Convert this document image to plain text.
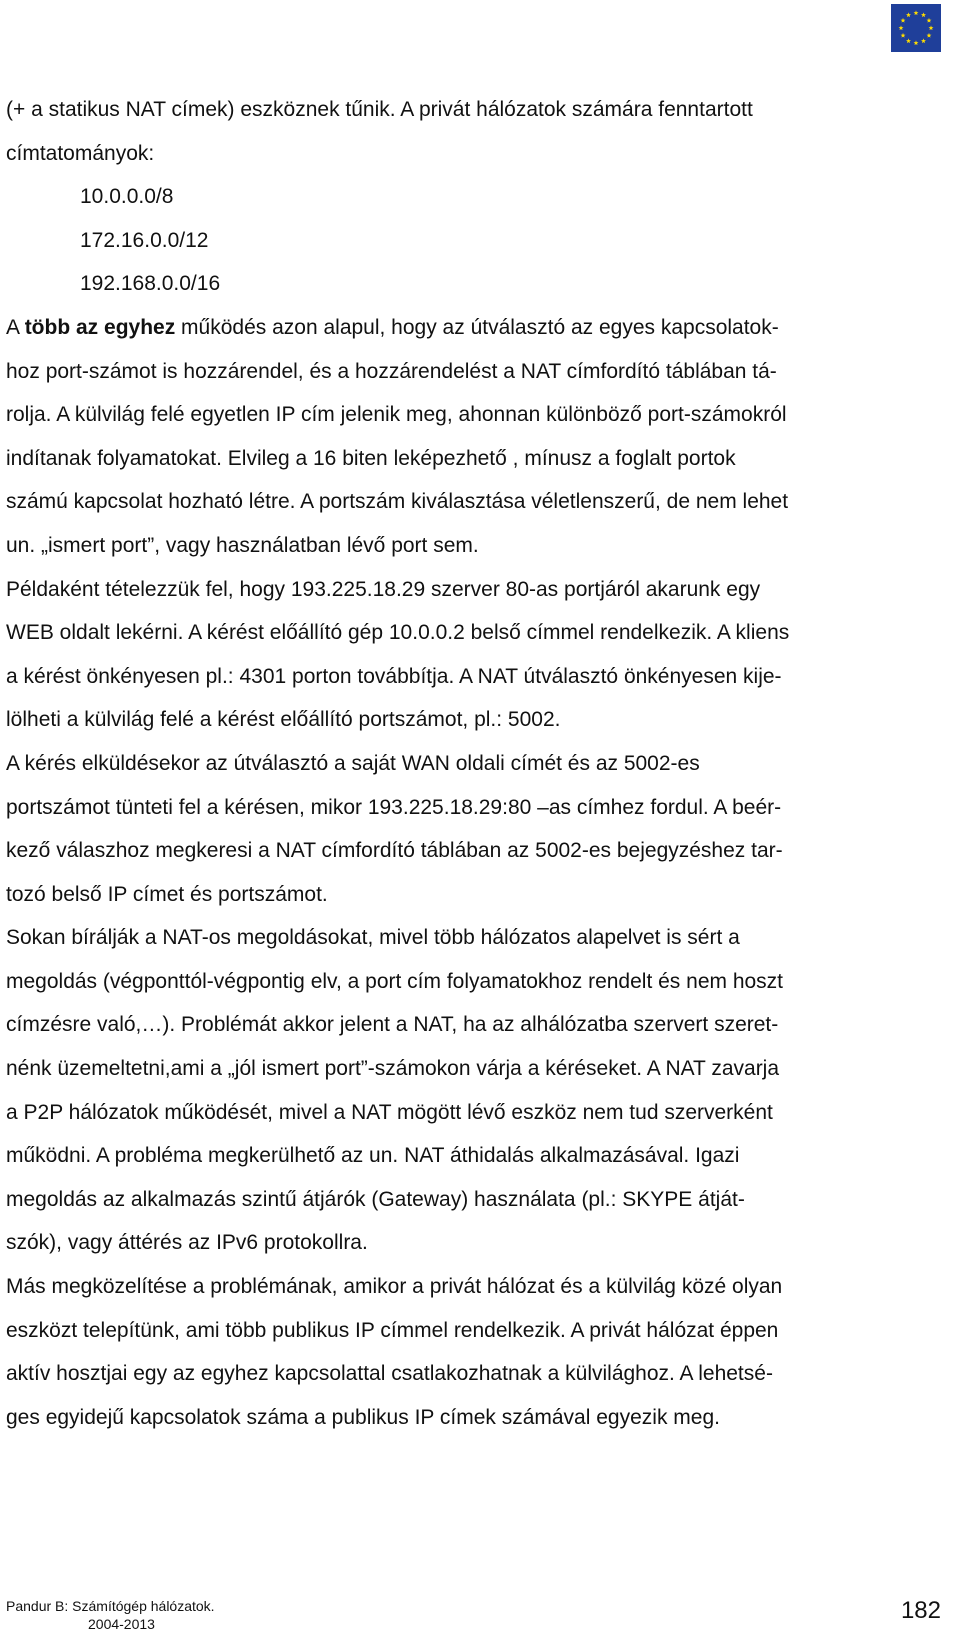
(+ a statikus NAT címek) eszköznek tűnik. A privát hálózatok számára fenntartott
címtatományok:
10.0.0.0/8
172.16.0.0/12
192.168.0.0/16
A több az egyhez működés azon alapul, hogy az útválasztó az egyes kapcsolatok-
hoz port-számot is hozzárendel, és a hozzárendelést a NAT címfordító táblában tá-
rolja. A külvilág felé egyetlen IP cím jelenik meg, ahonnan különböző port-számokról
indítanak folyamatokat. Elvileg a 16 biten leképezhető , mínusz a foglalt portok
számú kapcsolat hozható létre. A portszám kiválasztása véletlenszerű, de nem lehet
un. „ismert port”, vagy használatban lévő port sem.
Példaként tételezzük fel, hogy 193.225.18.29 szerver 80-as portjáról akarunk egy
WEB oldalt lekérni. A kérést előállító gép 10.0.0.2 belső címmel rendelkezik. A kliens
a kérést önkényesen pl.: 4301 porton továbbítja. A NAT útválasztó önkényesen kije-
lölheti a külvilág felé a kérést előállító portszámot, pl.: 5002.
A kérés elküldésekor az útválasztó a saját WAN oldali címét és az 5002-es
portszámot tünteti fel a kérésen, mikor 193.225.18.29:80 –as címhez fordul. A beér-
kező válaszhoz megkeresi a NAT címfordító táblában az 5002-es bejegyzéshez tar-
tozó belső IP címet és portszámot.
Sokan bírálják a NAT-os megoldásokat, mivel több hálózatos alapelvet is sért a
megoldás (végponttól-végpontig elv, a port cím folyamatokhoz rendelt és nem hoszt
címzésre való,…). Problémát akkor jelent a NAT, ha az alhálózatba szervert szeret-
nénk üzemeltetni,ami a „jól ismert port”-számokon várja a kéréseket. A NAT zavarja
a P2P hálózatok működését, mivel a NAT mögött lévő eszköz nem tud szerverként
működni. A probléma megkerülhető az un. NAT áthidalás alkalmazásával. Igazi
megoldás az alkalmazás szintű átjárók (Gateway) használata (pl.: SKYPE átját-
szók), vagy áttérés az IPv6 protokollra.
Más megközelítése a problémának, amikor a privát hálózat és a külvilág közé olyan
eszközt telepítünk, ami több publikus IP címmel rendelkezik. A privát hálózat éppen
aktív hosztjai egy az egyhez kapcsolattal csatlakozhatnak a külvilághoz. A lehetsé-
ges egyidejű kapcsolatok száma a publikus IP címek számával egyezik meg.
Pandur B: Számítógép hálózatok.
2004-2013	182
